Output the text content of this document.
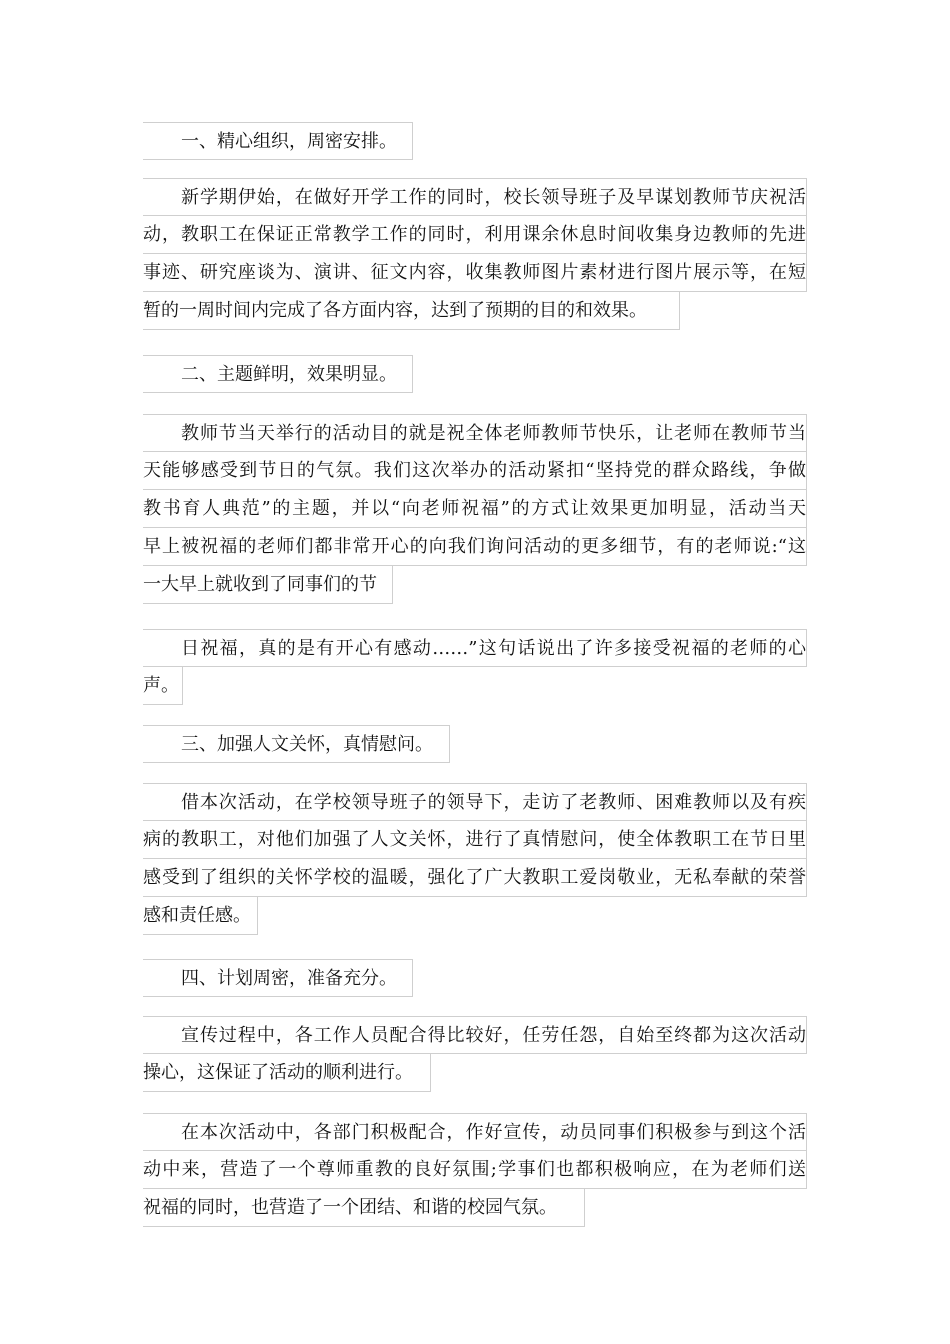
一、精心组织，周密安排。
新学期伊始，在做好开学工作的同时，校长领导班子及早谋划教师节庆祝活
动，教职工在保证正常教学工作的同时，利用课余休息时间收集身边教师的先进
事迹、研究座谈为、演讲、征文内容，收集教师图片素材进行图片展示等，在短
暂的一周时间内完成了各方面内容，达到了预期的目的和效果。
二、主题鲜明，效果明显。
教师节当天举行的活动目的就是祝全体老师教师节快乐，让老师在教师节当
天能够感受到节日的气氛。我们这次举办的活动紧扣“坚持党的群众路线，争做
教书育人典范”的主题，并以“向老师祝福”的方式让效果更加明显，活动当天
早上被祝福的老师们都非常开心的向我们询问活动的更多细节，有的老师说:“这
一大早上就收到了同事们的节
日祝福，真的是有开心有感动……”这句话说出了许多接受祝福的老师的心
声。
三、加强人文关怀，真情慰问。
借本次活动，在学校领导班子的领导下，走访了老教师、困难教师以及有疾
病的教职工，对他们加强了人文关怀，进行了真情慰问，使全体教职工在节日里
感受到了组织的关怀学校的温暖，强化了广大教职工爱岗敬业，无私奉献的荣誉
感和责任感。
四、计划周密，准备充分。
宣传过程中，各工作人员配合得比较好，任劳任怨，自始至终都为这次活动
操心，这保证了活动的顺利进行。
在本次活动中，各部门积极配合，作好宣传，动员同事们积极参与到这个活
动中来，营造了一个尊师重教的良好氛围;学事们也都积极响应，在为老师们送
祝福的同时，也营造了一个团结、和谐的校园气氛。
